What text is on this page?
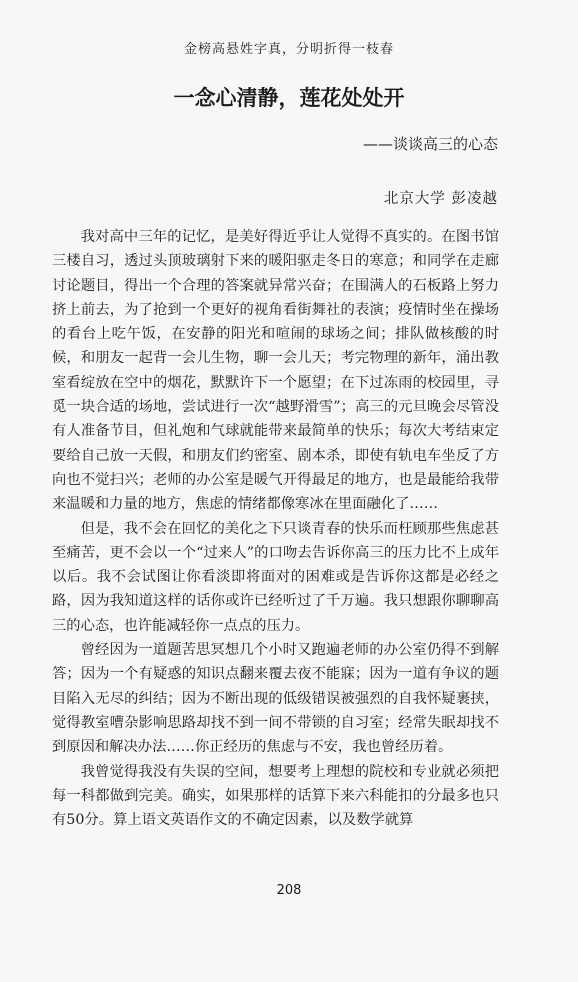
金榜高悬姓字真，分明折得一枝春
一念心清静，莲花处处开
——谈谈高三的心态
北京大学 彭凌越

我对高中三年的记忆，是美好得近乎让人觉得不真实的。在图书馆三楼自习，透过头顶玻璃射下来的暖阳驱走冬日的寒意；和同学在走廊讨论题目，得出一个合理的答案就异常兴奋；在围满人的石板路上努力挤上前去，为了抢到一个更好的视角看街舞社的表演；疫情时坐在操场的看台上吃午饭，在安静的阳光和喧闹的球场之间；排队做核酸的时候，和朋友一起背一会儿生物，聊一会儿天；考完物理的新年，涌出教室看绽放在空中的烟花，默默许下一个愿望；在下过冻雨的校园里，寻觅一块合适的场地，尝试进行一次“越野滑雪”；高三的元旦晚会尽管没有人准备节目，但礼炮和气球就能带来最简单的快乐；每次大考结束定要给自己放一天假，和朋友们约密室、剧本杀，即使有轨电车坐反了方向也不觉扫兴；老师的办公室是暖气开得最足的地方，也是最能给我带来温暖和力量的地方，焦虑的情绪都像寒冰在里面融化了……

但是，我不会在回忆的美化之下只谈青春的快乐而枉顾那些焦虑甚至痛苦，更不会以一个“过来人”的口吻去告诉你高三的压力比不上成年以后。我不会试图让你看淡即将面对的困难或是告诉你这都是必经之路，因为我知道这样的话你或许已经听过了千万遍。我只想跟你聊聊高三的心态，也许能减轻你一点点的压力。

曾经因为一道题苦思冥想几个小时又跑遍老师的办公室仍得不到解答；因为一个有疑惑的知识点翻来覆去夜不能寐；因为一道有争议的题目陷入无尽的纠结；因为不断出现的低级错误被强烈的自我怀疑裹挟，觉得教室嘈杂影响思路却找不到一间不带锁的自习室；经常失眠却找不到原因和解决办法……你正经历的焦虑与不安，我也曾经历着。

我曾觉得我没有失误的空间，想要考上理想的院校和专业就必须把每一科都做到完美。确实，如果那样的话算下来六科能扣的分最多也只有50分。算上语文英语作文的不确定因素，以及数学就算

208
